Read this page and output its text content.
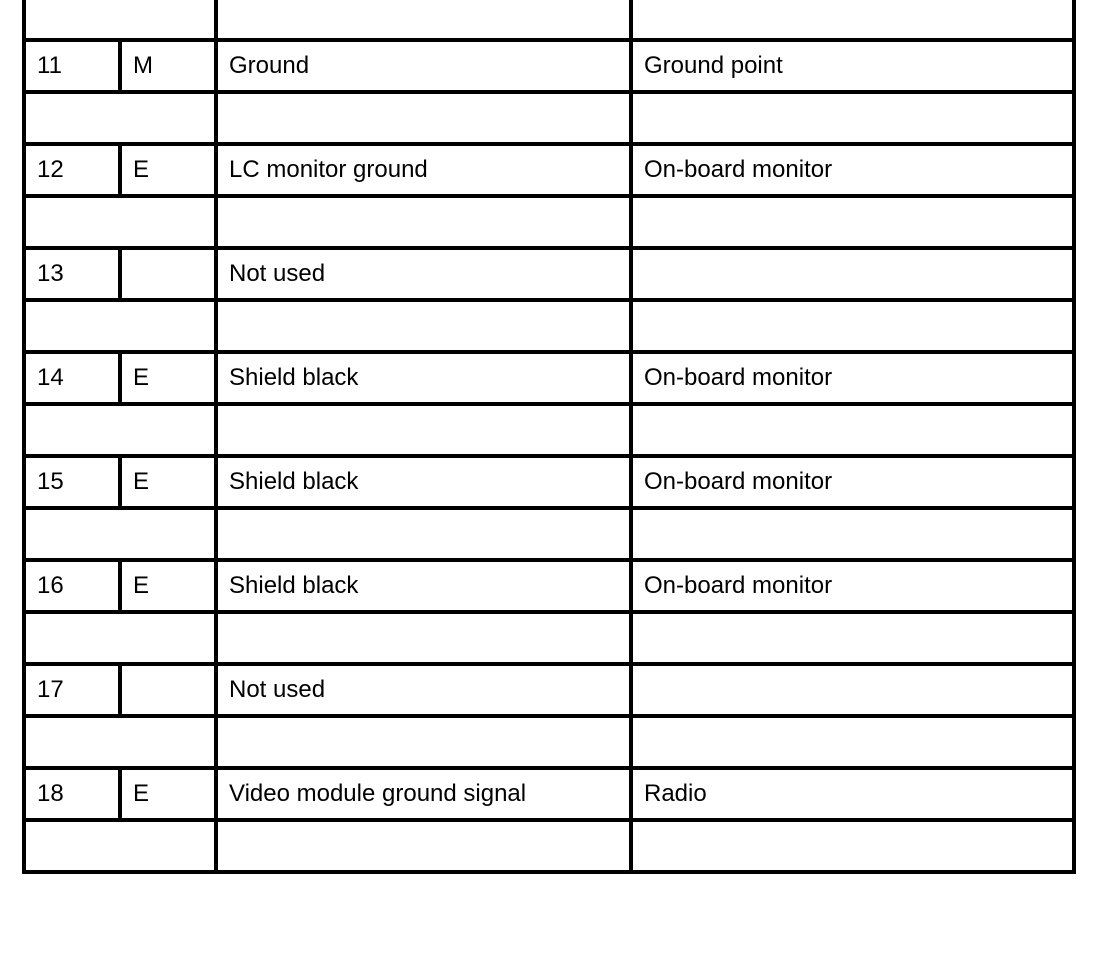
11	M	Ground	Ground point

12	E	LC monitor ground	On-board monitor

13		Not used	

14	E	Shield black	On-board monitor

15	E	Shield black	On-board monitor

16	E	Shield black	On-board monitor

17		Not used	

18	E	Video module ground signal	Radio
